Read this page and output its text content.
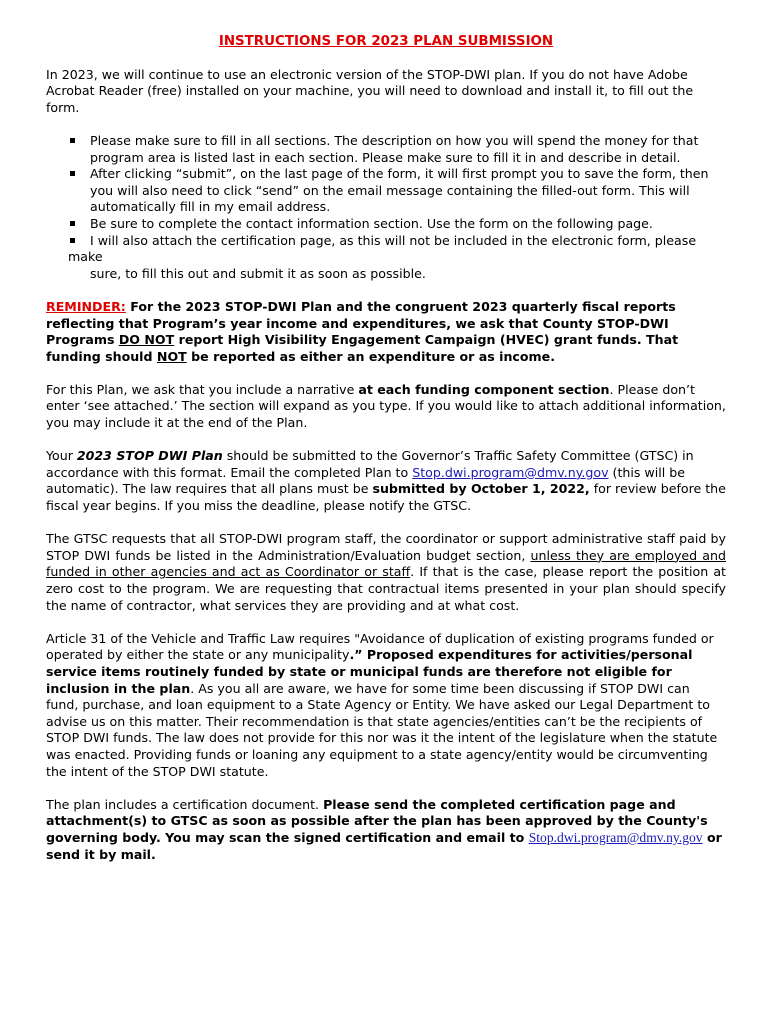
INSTRUCTIONS FOR 2023 PLAN SUBMISSION

In 2023, we will continue to use an electronic version of the STOP-DWI plan. If you do not have Adobe Acrobat Reader (free) installed on your machine, you will need to download and install it, to fill out the form.

Please make sure to fill in all sections. The description on how you will spend the money for that program area is listed last in each section. Please make sure to fill it in and describe in detail.
After clicking “submit”, on the last page of the form, it will first prompt you to save the form, then you will also need to click “send” on the email message containing the filled-out form. This will automatically fill in my email address.
Be sure to complete the contact information section. Use the form on the following page.
I will also attach the certification page, as this will not be included in the electronic form, please make

sure, to fill this out and submit it as soon as possible.

REMINDER: For the 2023 STOP-DWI Plan and the congruent 2023 quarterly fiscal reports reflecting that Program’s year income and expenditures, we ask that County STOP-DWI Programs DO NOT report High Visibility Engagement Campaign (HVEC) grant funds. That funding should NOT be reported as either an expenditure or as income.

For this Plan, we ask that you include a narrative at each funding component section. Please don’t enter ‘see attached.’ The section will expand as you type. If you would like to attach additional information, you may include it at the end of the Plan.

Your 2023 STOP DWI Plan should be submitted to the Governor’s Traffic Safety Committee (GTSC) in accordance with this format. Email the completed Plan to Stop.dwi.program@dmv.ny.gov (this will be automatic). The law requires that all plans must be submitted by October 1, 2022, for review before the fiscal year begins. If you miss the deadline, please notify the GTSC.

The GTSC requests that all STOP-DWI program staff, the coordinator or support administrative staff paid by STOP DWI funds be listed in the Administration/Evaluation budget section, unless they are employed and funded in other agencies and act as Coordinator or staff. If that is the case, please report the position at zero cost to the program. We are requesting that contractual items presented in your plan should specify the name of contractor, what services they are providing and at what cost.

Article 31 of the Vehicle and Traffic Law requires "Avoidance of duplication of existing programs funded or operated by either the state or any municipality.” Proposed expenditures for activities/personal service items routinely funded by state or municipal funds are therefore not eligible for inclusion in the plan. As you all are aware, we have for some time been discussing if STOP DWI can fund, purchase, and loan equipment to a State Agency or Entity. We have asked our Legal Department to advise us on this matter. Their recommendation is that state agencies/entities can’t be the recipients of STOP DWI funds. The law does not provide for this nor was it the intent of the legislature when the statute was enacted. Providing funds or loaning any equipment to a state agency/entity would be circumventing the intent of the STOP DWI statute.

The plan includes a certification document. Please send the completed certification page and attachment(s) to GTSC as soon as possible after the plan has been approved by the County's governing body. You may scan the signed certification and email to Stop.dwi.program@dmv.ny.gov or send it by mail.
